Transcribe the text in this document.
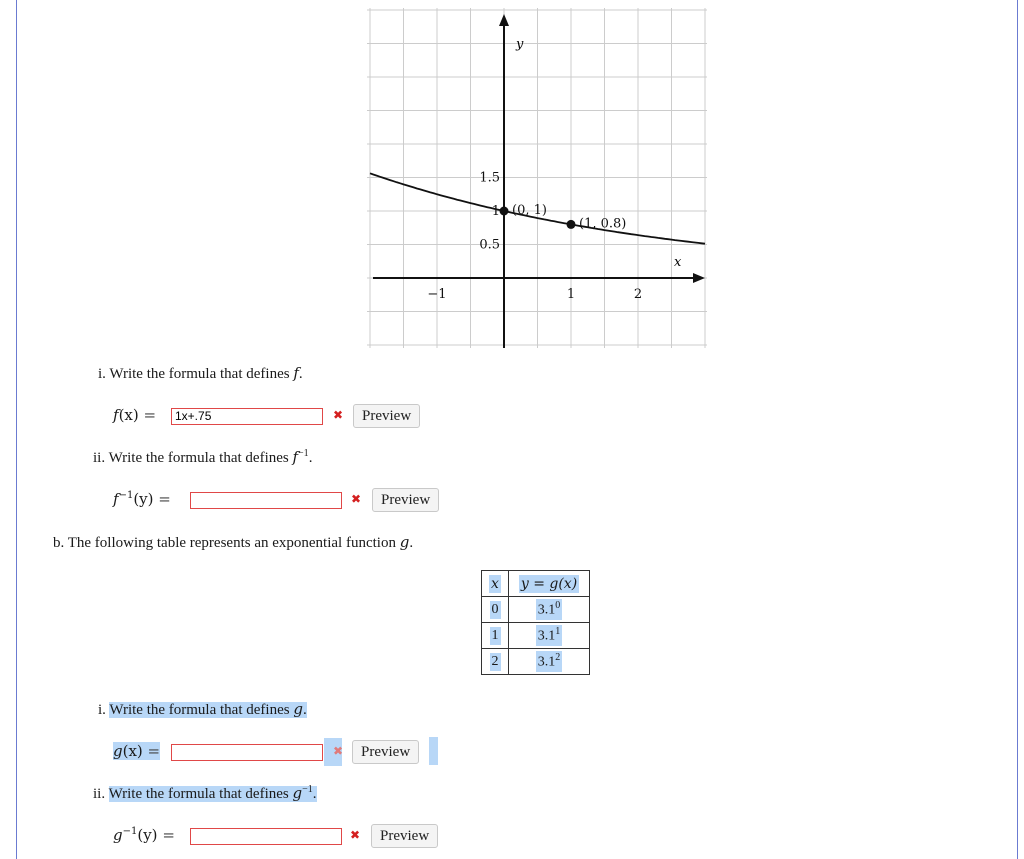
1.5
1
0.5
−1	1	2
(0, 1)
(1, 0.8)
y
x
i. Write the formula that defines f.
f(x) =	1x+.75	✖	Preview
ii. Write the formula that defines $f^{-1}$.
$f^{-1}(y)$ =	✖	Preview
b. The following table represents an exponential function g.
x	y = g(x)
0	$3.1^0$
1	$3.1^1$
2	$3.1^2$
i. Write the formula that defines g.
g(x) =	✖	Preview
ii. Write the formula that defines $g^{-1}$.
$g^{-1}(y)$ =	✖	Preview
